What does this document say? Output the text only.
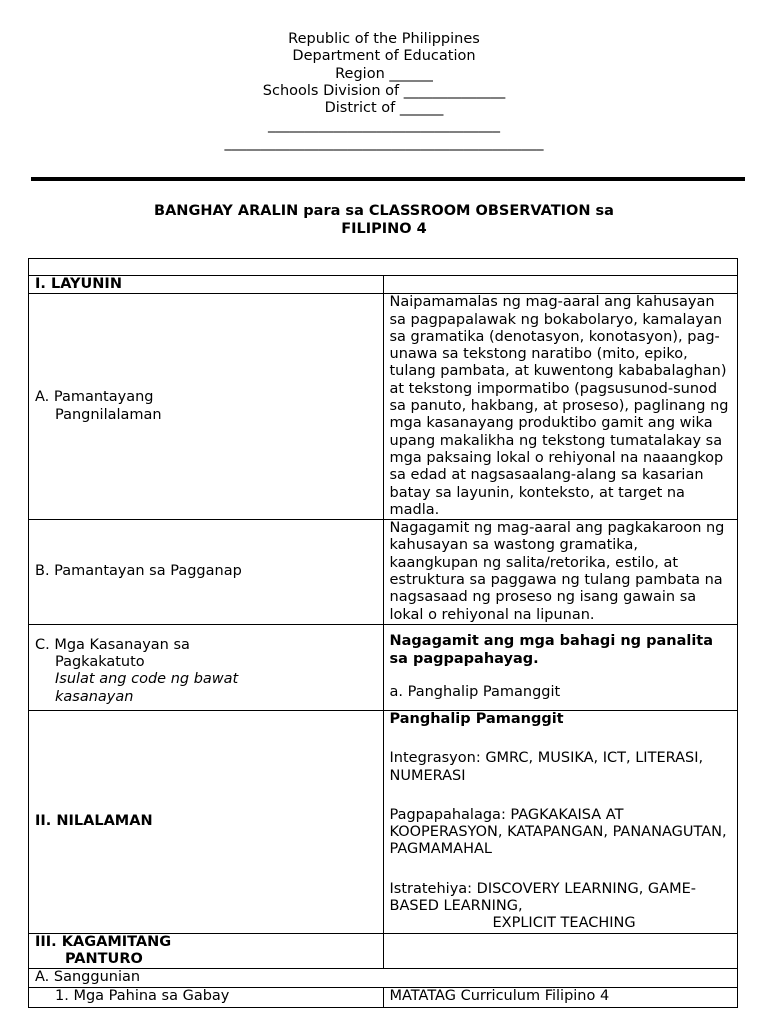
Republic of the Philippines
Department of Education
Region ______
Schools Division of ______________
District of ______
________________________________
____________________________________________
BANGHAY ARALIN para sa CLASSROOM OBSERVATION sa
FILIPINO 4

I. LAYUNIN	
A. Pamantayang
Pangnilalaman	Naipamamalas ng mag-aaral ang kahusayan sa pagpapalawak ng bokabolaryo, kamalayan sa gramatika (denotasyon, konotasyon), pag-unawa sa tekstong naratibo (mito, epiko, tulang pambata, at kuwentong kababalaghan) at tekstong impormatibo (pagsusunod-sunod sa panuto, hakbang, at proseso), paglinang ng mga kasanayang produktibo gamit ang wika upang makalikha ng tekstong tumatalakay sa mga paksaing lokal o rehiyonal na naaangkop sa edad at nagsasaalang-alang sa kasarian batay sa layunin, konteksto, at target na madla.
B. Pamantayan sa Pagganap	Nagagamit ng mag-aaral ang pagkakaroon ng kahusayan sa wastong gramatika, kaangkupan ng salita/retorika, estilo, at estruktura sa paggawa ng tulang pambata na nagsasaad ng proseso ng isang gawain sa lokal o rehiyonal na lipunan.
C. Mga Kasanayan sa
Pagkakatuto
Isulat ang code ng bawat
kasanayan	Nagagamit ang mga bahagi ng panalita sa pagpapahayag.
a. Panghalip Pamanggit
II. NILALAMAN	Panghalip Pamanggit
Integrasyon: GMRC, MUSIKA, ICT, LITERASI, NUMERASI
Pagpapahalaga: PAGKAKAISA AT KOOPERASYON, KATAPANGAN, PANANAGUTAN, PAGMAMAHAL
Istratehiya: DISCOVERY LEARNING, GAME-BASED LEARNING,
EXPLICIT TEACHING

III. KAGAMITANG
PANTURO	

A. Sanggunian	
1. Mga Pahina sa Gabay	MATATAG Curriculum Filipino 4
